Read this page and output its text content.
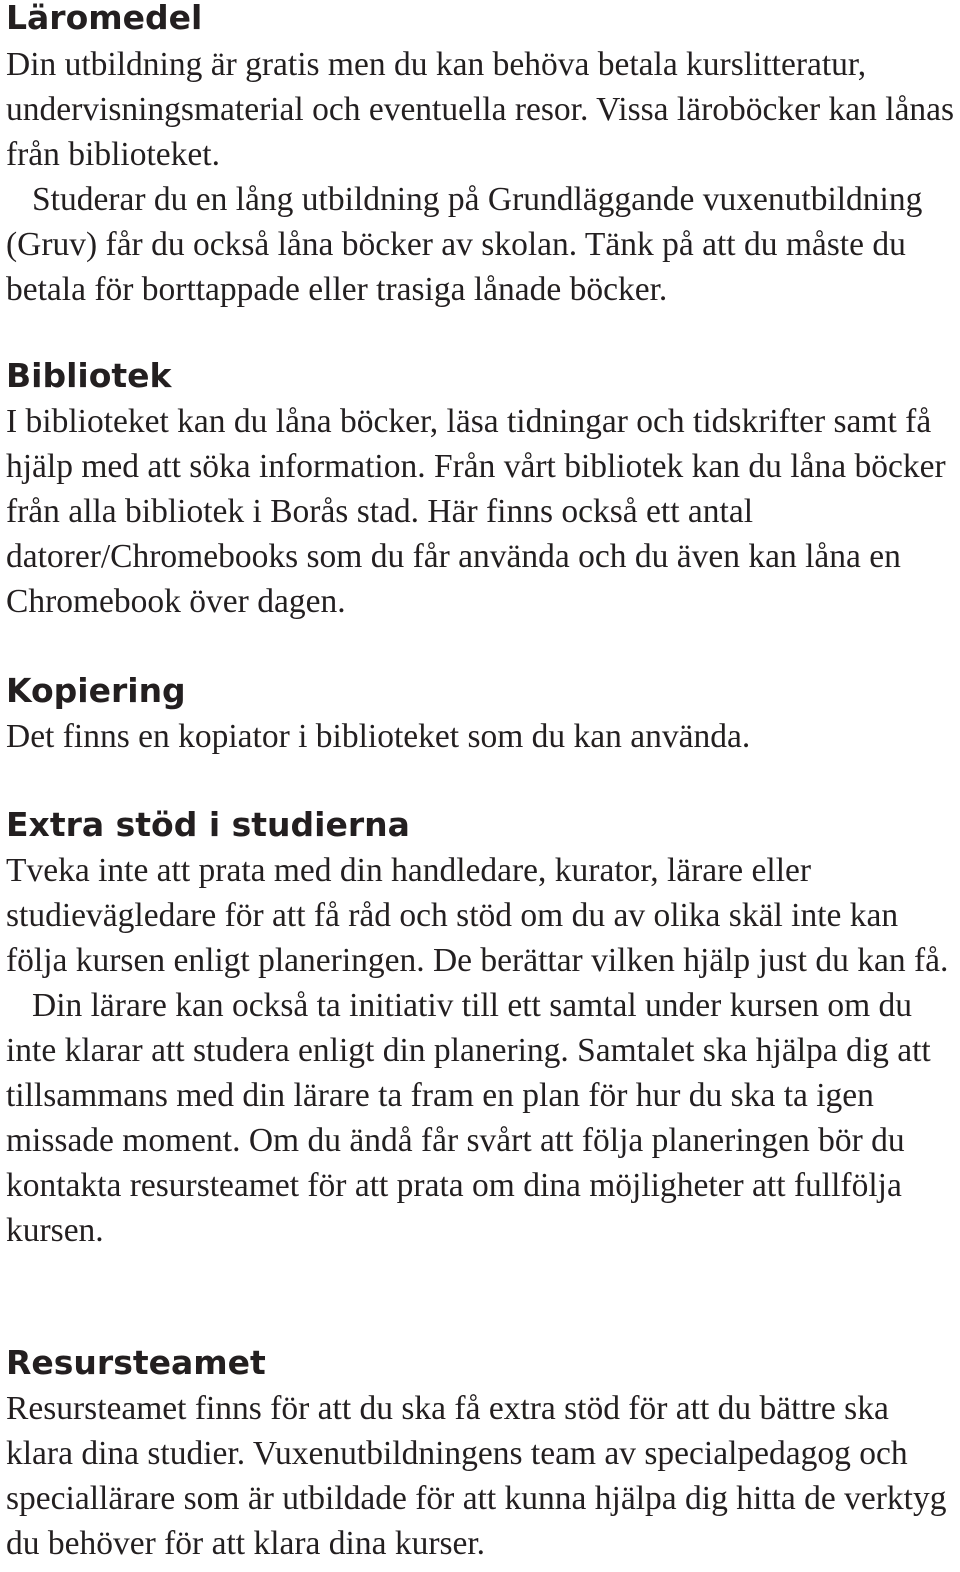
Läromedel

Din utbildning är gratis men du kan behöva betala kurslitteratur, undervisningsmaterial och eventuella resor. Vissa läroböcker kan lånas från biblioteket.

Studerar du en lång utbildning på Grundläggande vuxenutbildning (Gruv) får du också låna böcker av skolan. Tänk på att du måste du betala för borttappade eller trasiga lånade böcker.

Bibliotek

I biblioteket kan du låna böcker, läsa tidningar och tidskrifter samt få hjälp med att söka information. Från vårt bibliotek kan du låna böcker från alla bibliotek i Borås stad. Här finns också ett antal datorer/Chromebooks som du får använda och du även kan låna en Chromebook över dagen.

Kopiering

Det finns en kopiator i biblioteket som du kan använda.

Extra stöd i studierna

Tveka inte att prata med din handledare, kurator, lärare eller studievägledare för att få råd och stöd om du av olika skäl inte kan följa kursen enligt planeringen. De berättar vilken hjälp just du kan få.

Din lärare kan också ta initiativ till ett samtal under kursen om du inte klarar att studera enligt din planering. Samtalet ska hjälpa dig att tillsammans med din lärare ta fram en plan för hur du ska ta igen missade moment. Om du ändå får svårt att följa planeringen bör du kontakta resursteamet för att prata om dina möjligheter att fullfölja kursen.

Resursteamet

Resursteamet finns för att du ska få extra stöd för att du bättre ska klara dina studier. Vuxenutbildningens team av specialpedagog och speciallärare som är utbildade för att kunna hjälpa dig hitta de verktyg du behöver för att klara dina kurser.
